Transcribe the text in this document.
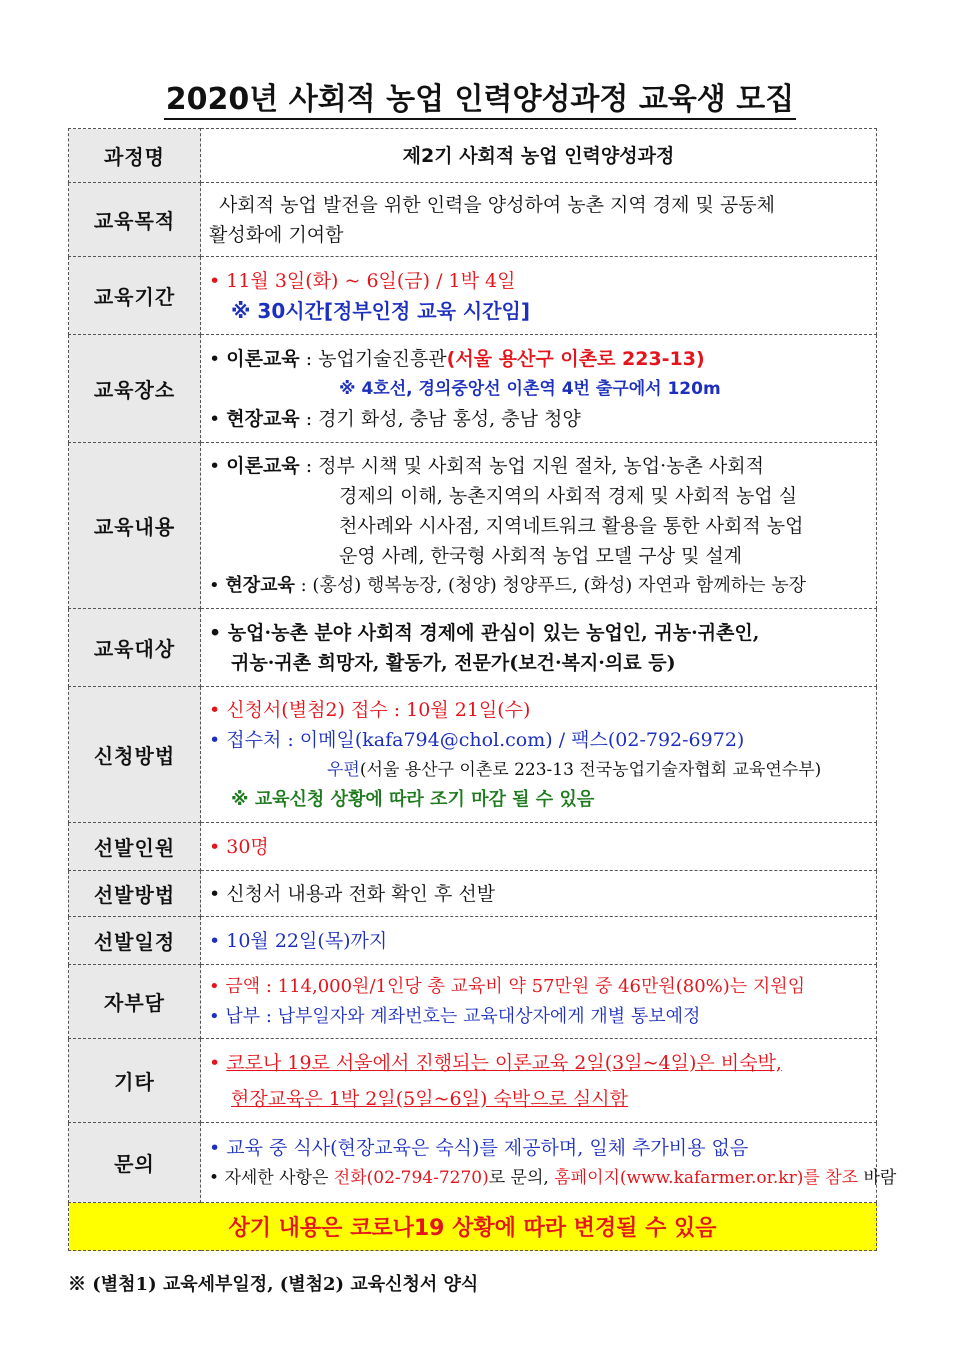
2020년 사회적 농업 인력양성과정 교육생 모집
과정명	제2기 사회적 농업 인력양성과정
교육목적	사회적 농업 발전을 위한 인력을 양성하여 농촌 지역 경제 및 공동체
활성화에 기여함

교육기간	• 11월 3일(화) ~ 6일(금) / 1박 4일
※ 30시간[정부인정 교육 시간임]

교육장소	• 이론교육 : 농업기술진흥관(서울 용산구 이촌로 223-13)
※ 4호선, 경의중앙선 이촌역 4번 출구에서 120m
• 현장교육 : 경기 화성, 충남 홍성, 충남 청양

교육내용	• 이론교육 : 정부 시책 및 사회적 농업 지원 절차, 농업·농촌 사회적
경제의 이해, 농촌지역의 사회적 경제 및 사회적 농업 실
천사례와 시사점, 지역네트워크 활용을 통한 사회적 농업
운영 사례, 한국형 사회적 농업 모델 구상 및 설계
• 현장교육 : (홍성) 행복농장, (청양) 청양푸드, (화성) 자연과 함께하는 농장

교육대상	• 농업·농촌 분야 사회적 경제에 관심이 있는 농업인, 귀농·귀촌인,
귀농·귀촌 희망자, 활동가, 전문가(보건·복지·의료 등)

신청방법	• 신청서(별첨2) 접수 : 10월 21일(수)
• 접수처 : 이메일(kafa794@chol.com) / 팩스(02-792-6972)
우편(서울 용산구 이촌로 223-13 전국농업기술자협회 교육연수부)
※ 교육신청 상황에 따라 조기 마감 될 수 있음

선발인원	• 30명
선발방법	• 신청서 내용과 전화 확인 후 선발
선발일정	• 10월 22일(목)까지
자부담	• 금액 : 114,000원/1인당 총 교육비 약 57만원 중 46만원(80%)는 지원임
• 납부 : 납부일자와 계좌번호는 교육대상자에게 개별 통보예정

기타	• 코로나 19로 서울에서 진행되는 이론교육 2일(3일~4일)은 비숙박,
현장교육은 1박 2일(5일~6일) 숙박으로 실시함

문의	• 교육 중 식사(현장교육은 숙식)를 제공하며, 일체 추가비용 없음
• 자세한 사항은 전화(02-794-7270)로 문의, 홈페이지(www.kafarmer.or.kr)를 참조 바람

상기 내용은 코로나19 상황에 따라 변경될 수 있음	
※ (별첨1) 교육세부일정, (별첨2) 교육신청서 양식
